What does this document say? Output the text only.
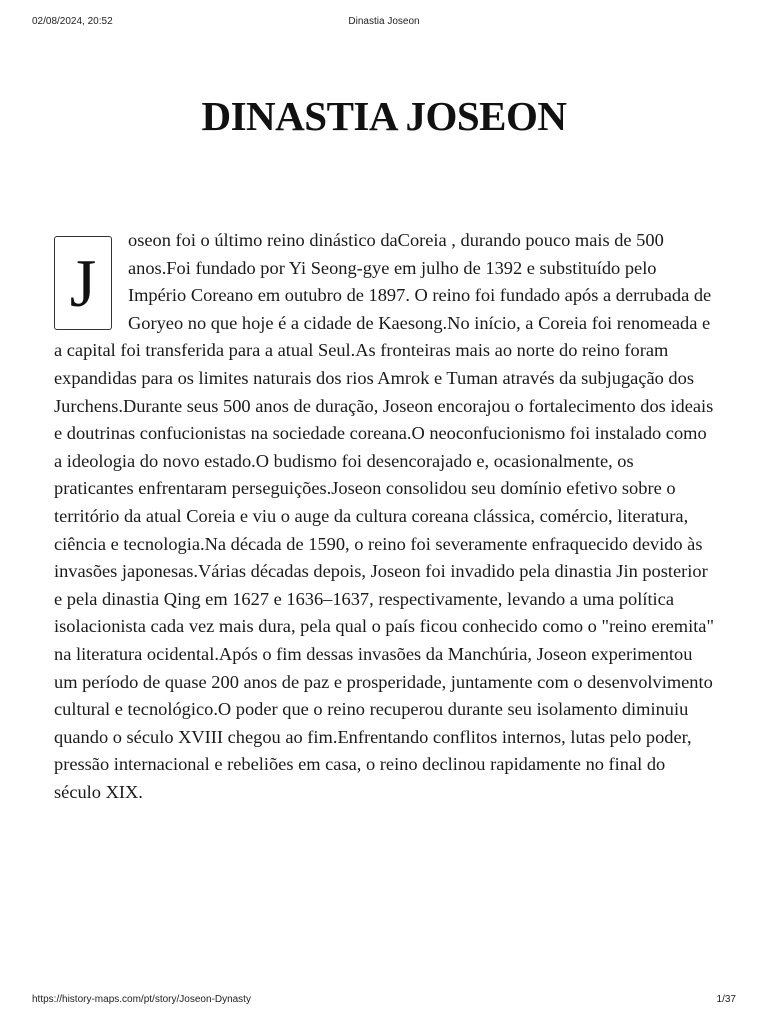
02/08/2024, 20:52	Dinastia Joseon
DINASTIA JOSEON
J
oseon foi o último reino dinástico daCoreia , durando pouco mais de 500 anos.Foi fundado por Yi Seong-gye em julho de 1392 e substituído pelo Império Coreano em outubro de 1897. O reino foi fundado após a derrubada de Goryeo no que hoje é a cidade de Kaesong.No início, a Coreia foi renomeada e a capital foi transferida para a atual Seul.As fronteiras mais ao norte do reino foram expandidas para os limites naturais dos rios Amrok e Tuman através da subjugação dos Jurchens.Durante seus 500 anos de duração, Joseon encorajou o fortalecimento dos ideais e doutrinas confucionistas na sociedade coreana.O neoconfucionismo foi instalado como a ideologia do novo estado.O budismo foi desencorajado e, ocasionalmente, os praticantes enfrentaram perseguições.Joseon consolidou seu domínio efetivo sobre o território da atual Coreia e viu o auge da cultura coreana clássica, comércio, literatura, ciência e tecnologia.Na década de 1590, o reino foi severamente enfraquecido devido às invasões japonesas.Várias décadas depois, Joseon foi invadido pela dinastia Jin posterior e pela dinastia Qing em 1627 e 1636–1637, respectivamente, levando a uma política isolacionista cada vez mais dura, pela qual o país ficou conhecido como o "reino eremita" na literatura ocidental.Após o fim dessas invasões da Manchúria, Joseon experimentou um período de quase 200 anos de paz e prosperidade, juntamente com o desenvolvimento cultural e tecnológico.O poder que o reino recuperou durante seu isolamento diminuiu quando o século XVIII chegou ao fim.Enfrentando conflitos internos, lutas pelo poder, pressão internacional e rebeliões em casa, o reino declinou rapidamente no final do século XIX.
https://history-maps.com/pt/story/Joseon-Dynasty	1/37
